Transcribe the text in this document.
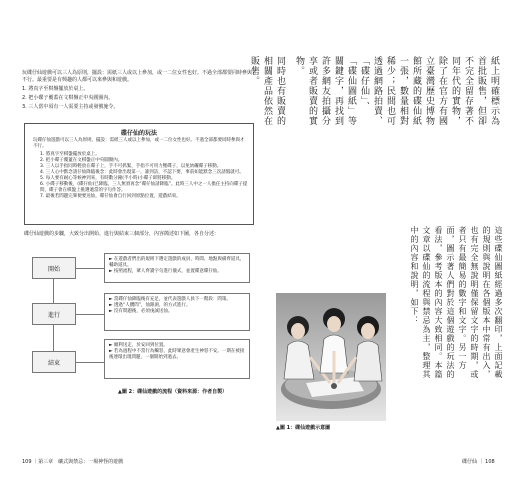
玩碟仔仙遊戲可以三人為原則，擺設：需紙三人或以上參加，或一二位女性也好。不過全部都要同時參與才不行。最重要是有興趣的人都可以來參與和遊戲。

1. 將真字至棋盤擺放於桌上。

2. 把小碟子覆蓋在文棋盤正中央圓圈內。

3. 三人當中須有一人需要主持或發號施令。

碟仔仙的玩法
玩碟仔仙遊戲可以三人為原則，擺設：需紙三人或以上參加，或一二位女性也好。不過全部都要同時參與才不行。
1. 將真字至棋盤擺放於桌上。
2. 把小碟子覆蓋在文棋盤正中央圓圈內。
3. 三人以手指同時輕放在碟子上，手不可抓緊，手指不可用力壓碟子，以免妨礙碟子移動。
4. 三人心中默念請仔仙降臨後念：此時會出現第一，誰到訪，不認下要，事前如能默念三次請假就可。
5. 每人要有耐心等候神到來，有時數分鐘(半小時)小碟子即將移動。
6. 小碟子移動後，(碟仔仙)已降臨，三人無須再念“碟仔仙請降臨”。此時三人中之一人擔任主持向碟子提問，碟子會在棋盤上挑選適當的字句作答。
7. 最後若問題完畢便要送仙，碟仔仙會自行回到原點位置，遊戲結束。
碟仔仙遊戲的步驟，大致分出開始、進行與結束三個部分，內容簡述如下圖，各自分述：
開始
► 在遊戲者們出的規則下選定遊戲的成員，時間、地點與備齊道具，輔助道具。
► 按照流程，眾人齊讀字句進行儀式，並置碟意碟仔仙。
進行
► 當碟仔仙降臨後有充足，並代表遊戲人員下一階段：問策。
► 透過“人體問”，仙跟詢，的方式進行。
► 沒有問題後，必須虔誠送仙。
結束
► 順利送走，於安回到位置。
► 若為過程中不當行為觸怒，此時眾意會產生神怒不安。一期在被接後連環出現問題，一個開始到過去。
▲圖 2：碟仙遊戲的流程（資料來源：作者自製）
109 ｜第三章　礦式與禁忌：一場神怪的遊戲

紙上明確標示為首批販售，但卻不完全留存著不同年代的實物，除了在官方有國立臺灣歷史博物館所藏的碟仙紙一張，數量相對稀少；民間也可透過網路拍賣、「碟仔仙」、「碟仙圖紙」等關鍵字，再找到許多網友拍攝分享或者販賣的實物。

同時也有販賣的相關產品依然在販售。

這些碟仙圖紙經過多次翻印，上面記載的規則與說明在各個版本中常有出入，也有完全無說明僅保留文字的時期，或者只有最簡易的數字和文字。另一方面，圖示著人們對於這個遊戲的玩法的看法，參考版本的內容大致相同。本篇文章以碟仙的流程與禁忌為主，整理其中的內容和說明，如下：
▲圖 1：碟仙遊戲示意圖
碟仔仙 ｜ 108
